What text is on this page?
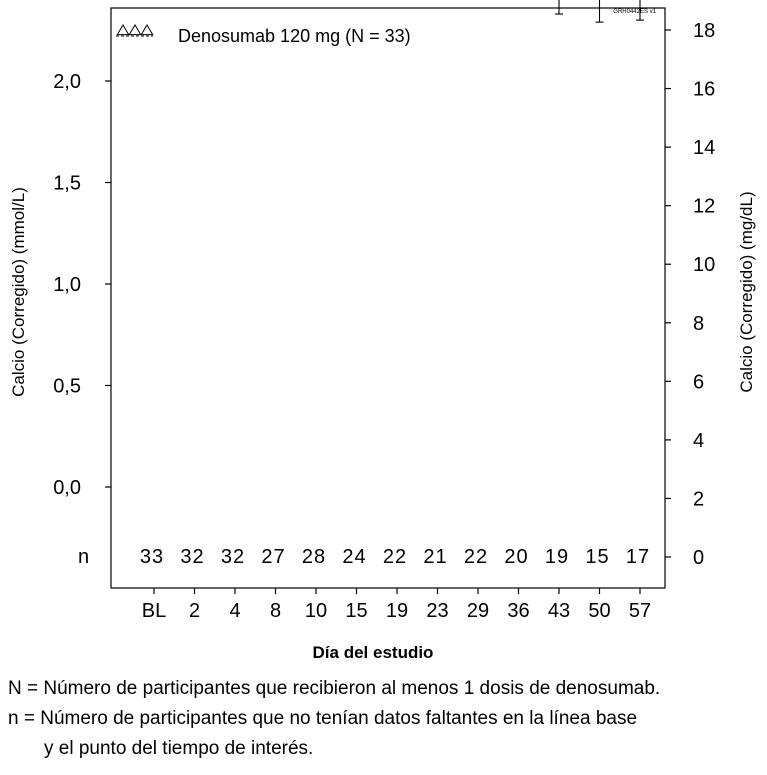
GRH0442ES v1
0,0
0,5
1,0
1,5
2,0
0
2
4
6
8
10
12
14
16
18
BL 2 4 8 10 15 19 23 29 36 43 50 57
Calcio (Corregido) (mmol/L)	Calcio (Corregido) (mg/dL)
Día del estudio
n 33 32 32 27 28 24 22 21 22 20 19 15 17
Denosumab 120 mg (N = 33)
N = Número de participantes que recibieron al menos 1 dosis de denosumab.
n = Número de participantes que no tenían datos faltantes en la línea base
y el punto del tiempo de interés.
